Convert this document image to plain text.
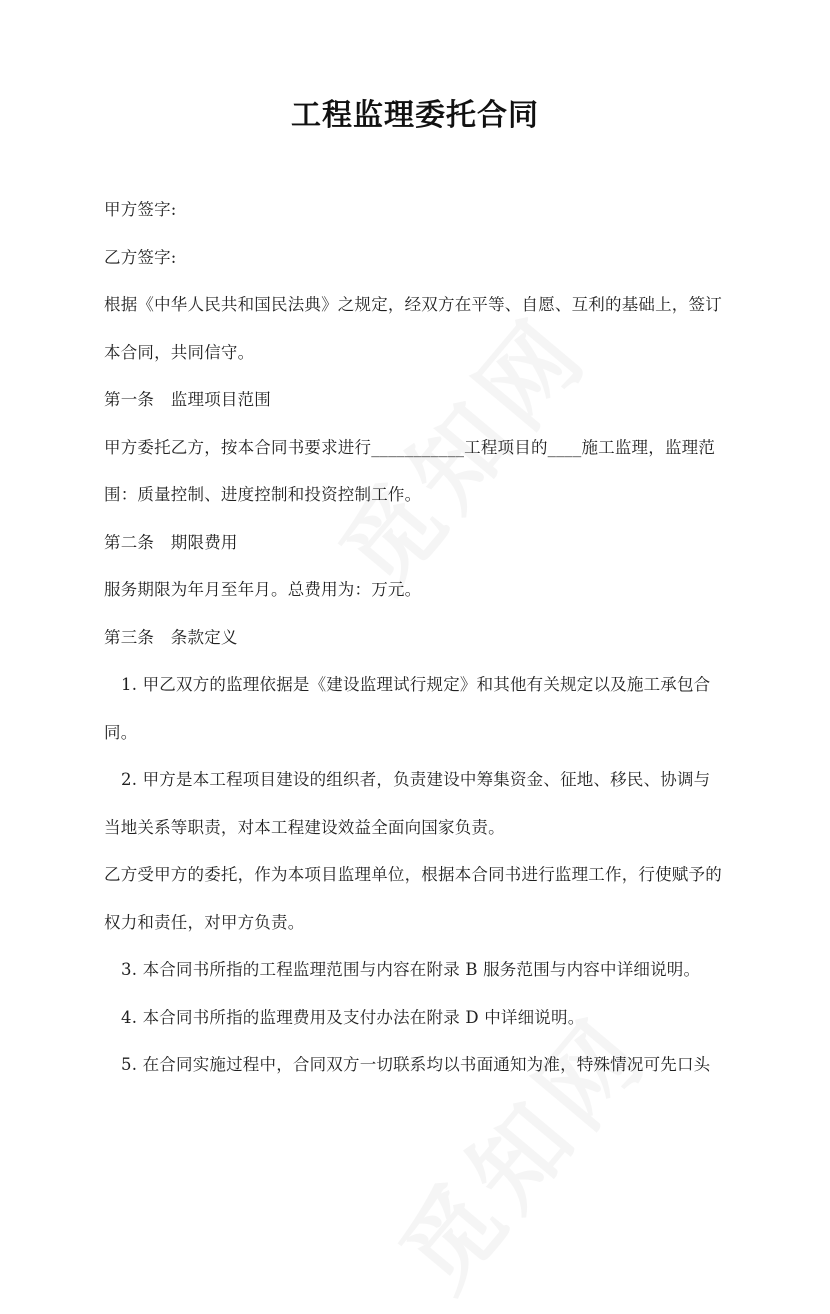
工程监理委托合同

甲方签字:

乙方签字:

根据《中华人民共和国民法典》之规定，经双方在平等、自愿、互利的基础上，签订本合同，共同信守。

第一条　监理项目范围

甲方委托乙方，按本合同书要求进行___________工程项目的____施工监理，监理范围：质量控制、进度控制和投资控制工作。

第二条　期限费用

服务期限为年月至年月。总费用为：万元。

第三条　条款定义

1. 甲乙双方的监理依据是《建设监理试行规定》和其他有关规定以及施工承包合同。

2. 甲方是本工程项目建设的组织者，负责建设中筹集资金、征地、移民、协调与当地关系等职责，对本工程建设效益全面向国家负责。

乙方受甲方的委托，作为本项目监理单位，根据本合同书进行监理工作，行使赋予的权力和责任，对甲方负责。

3. 本合同书所指的工程监理范围与内容在附录 B 服务范围与内容中详细说明。

4. 本合同书所指的监理费用及支付办法在附录 D 中详细说明。

5. 在合同实施过程中，合同双方一切联系均以书面通知为准，特殊情况可先口头
